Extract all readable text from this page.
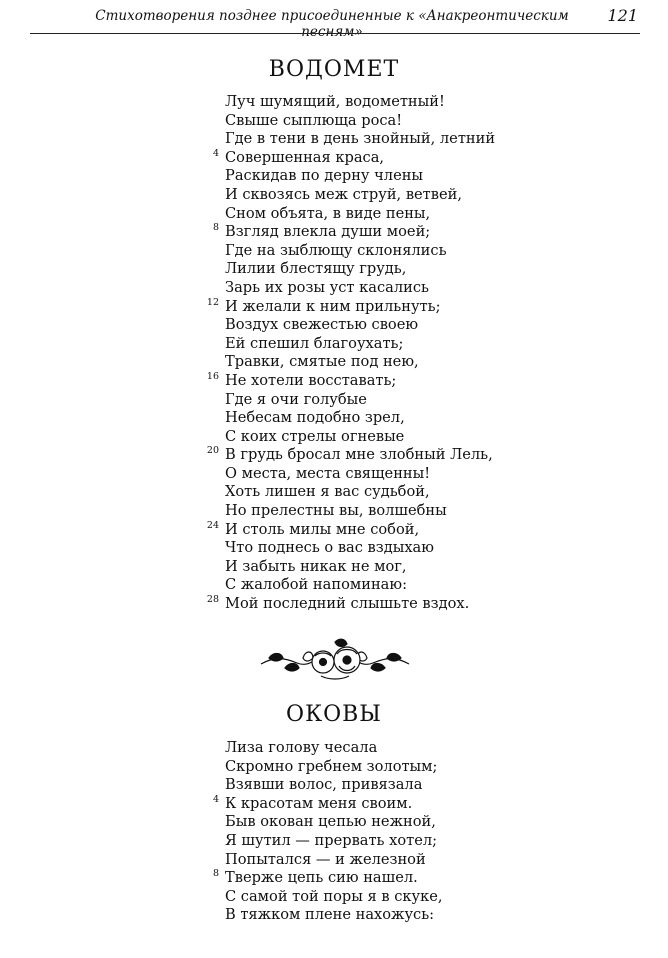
Стихотворения позднее присоединенные к «Анакреонтическим песням»
121
ВОДОМЕТ
Луч шумящий, водометный!
Свыше сыплюща роса!
Где в тени в день знойный, летний
4 Совершенная краса,
Раскидав по дерну члены
И сквозясь меж струй, ветвей,
Сном объята, в виде пены,
8 Взгляд влекла души моей;
Где на зыблющу склонялись
Лилии блестящу грудь,
Зарь их розы уст касались
12 И желали к ним прильнуть;
Воздух свежестью своею
Ей спешил благоухать;
Травки, смятые под нею,
16 Не хотели восставать;
Где я очи голубые
Небесам подобно зрел,
С коих стрелы огневые
20 В грудь бросал мне злобный Лель,
О места, места священны!
Хоть лишен я вас судьбой,
Но прелестны вы, волшебны
24 И столь милы мне собой,
Что поднесь о вас вздыхаю
И забыть никак не мог,
С жалобой напоминаю:
28 Мой последний слышьте вздох.
ОКОВЫ
Лиза голову чесала
Скромно гребнем золотым;
Взявши волос, привязала
4 К красотам меня своим.
Быв окован цепью нежной,
Я шутил — прервать хотел;
Попытался — и железной
8 Тверже цепь сию нашел.
С самой той поры я в скуке,
В тяжком плене нахожусь:
